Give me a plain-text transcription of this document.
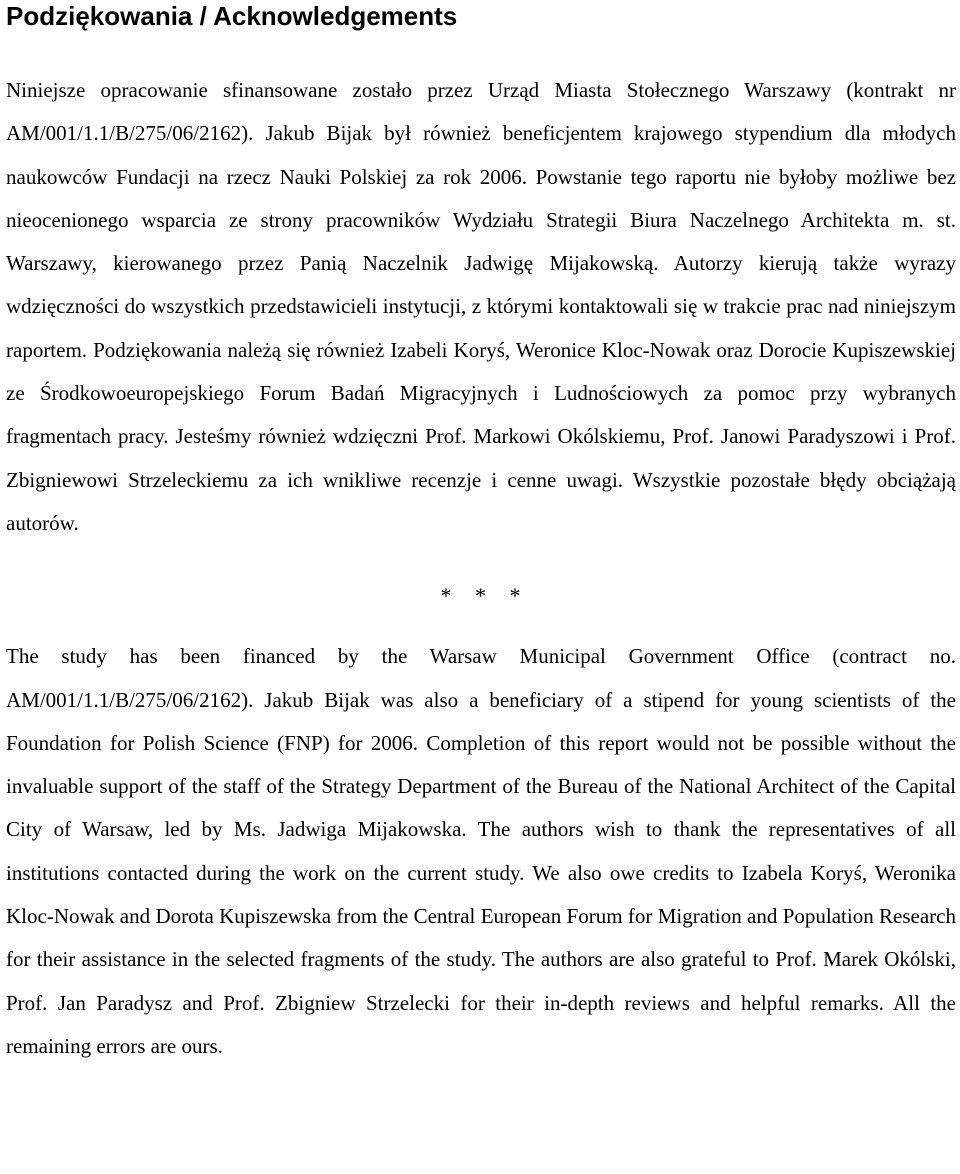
Podziękowania / Acknowledgements

Niniejsze opracowanie sfinansowane zostało przez Urząd Miasta Stołecznego Warszawy (kontrakt nr AM/001/1.1/B/275/06/2162). Jakub Bijak był również beneficjentem krajowego stypendium dla młodych naukowców Fundacji na rzecz Nauki Polskiej za rok 2006. Powstanie tego raportu nie byłoby możliwe bez nieocenionego wsparcia ze strony pracowników Wydziału Strategii Biura Naczelnego Architekta m. st. Warszawy, kierowanego przez Panią Naczelnik Jadwigę Mijakowską. Autorzy kierują także wyrazy wdzięczności do wszystkich przedstawicieli instytucji, z którymi kontaktowali się w trakcie prac nad niniejszym raportem. Podziękowania należą się również Izabeli Koryś, Weronice Kloc-Nowak oraz Dorocie Kupiszewskiej ze Środkowoeuropejskiego Forum Badań Migracyjnych i Ludnościowych za pomoc przy wybranych fragmentach pracy. Jesteśmy również wdzięczni Prof. Markowi Okólskiemu, Prof. Janowi Paradyszowi i Prof. Zbigniewowi Strzeleckiemu za ich wnikliwe recenzje i cenne uwagi. Wszystkie pozostałe błędy obciążają autorów.

* * *

The study has been financed by the Warsaw Municipal Government Office (contract no. AM/001/1.1/B/275/06/2162). Jakub Bijak was also a beneficiary of a stipend for young scientists of the Foundation for Polish Science (FNP) for 2006. Completion of this report would not be possible without the invaluable support of the staff of the Strategy Department of the Bureau of the National Architect of the Capital City of Warsaw, led by Ms. Jadwiga Mijakowska. The authors wish to thank the representatives of all institutions contacted during the work on the current study. We also owe credits to Izabela Koryś, Weronika Kloc-Nowak and Dorota Kupiszewska from the Central European Forum for Migration and Population Research for their assistance in the selected fragments of the study. The authors are also grateful to Prof. Marek Okólski, Prof. Jan Paradysz and Prof. Zbigniew Strzelecki for their in-depth reviews and helpful remarks. All the remaining errors are ours.
